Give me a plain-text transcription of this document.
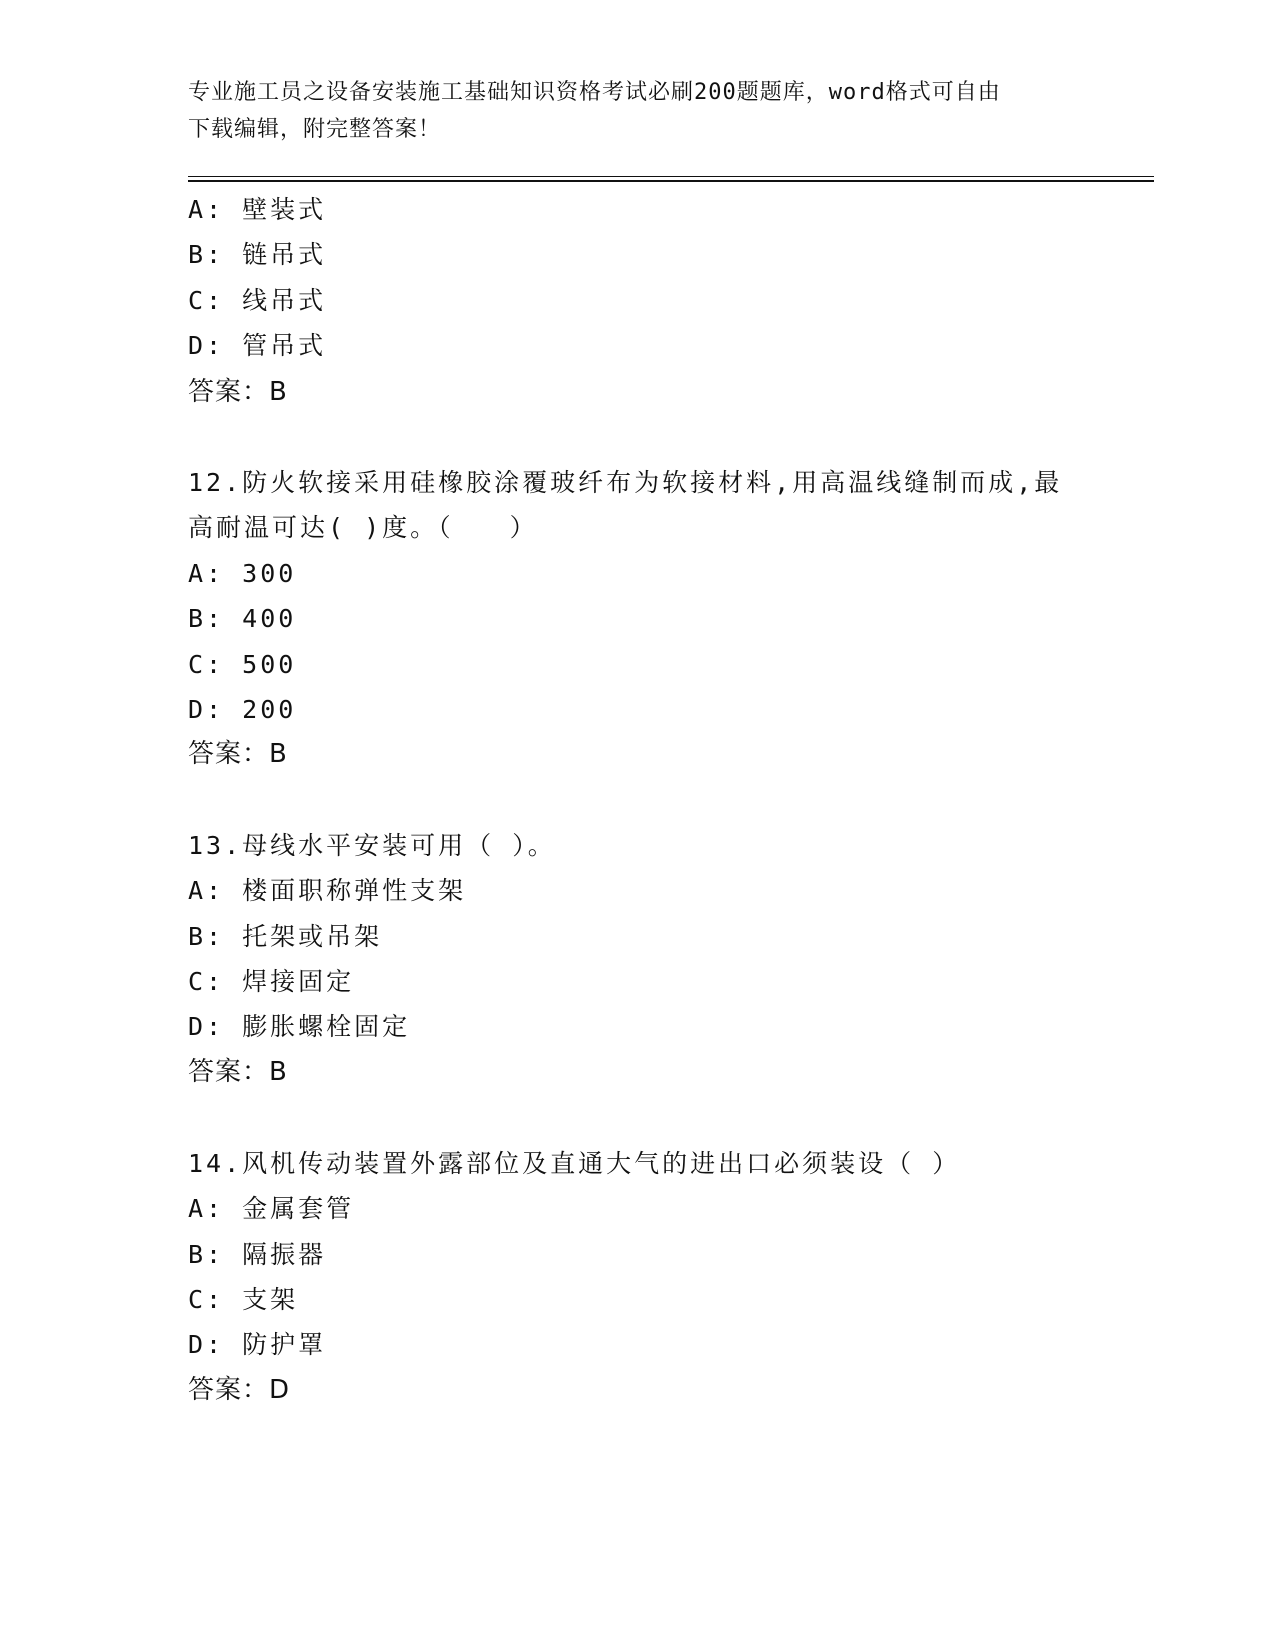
专业施工员之设备安装施工基础知识资格考试必刷200题题库，word格式可自由
下载编辑，附完整答案！
A: 壁装式
B: 链吊式
C: 线吊式
D: 管吊式
答案：B
12.防火软接采用硅橡胶涂覆玻纤布为软接材料,用高温线缝制而成,最
高耐温可达( )度。（　　）
A: 300
B: 400
C: 500
D: 200
答案：B
13.母线水平安装可用（ ）。
A: 楼面职称弹性支架
B: 托架或吊架
C: 焊接固定
D: 膨胀螺栓固定
答案：B
14.风机传动装置外露部位及直通大气的进出口必须装设（ ）
A: 金属套管
B: 隔振器
C: 支架
D: 防护罩
答案：D
